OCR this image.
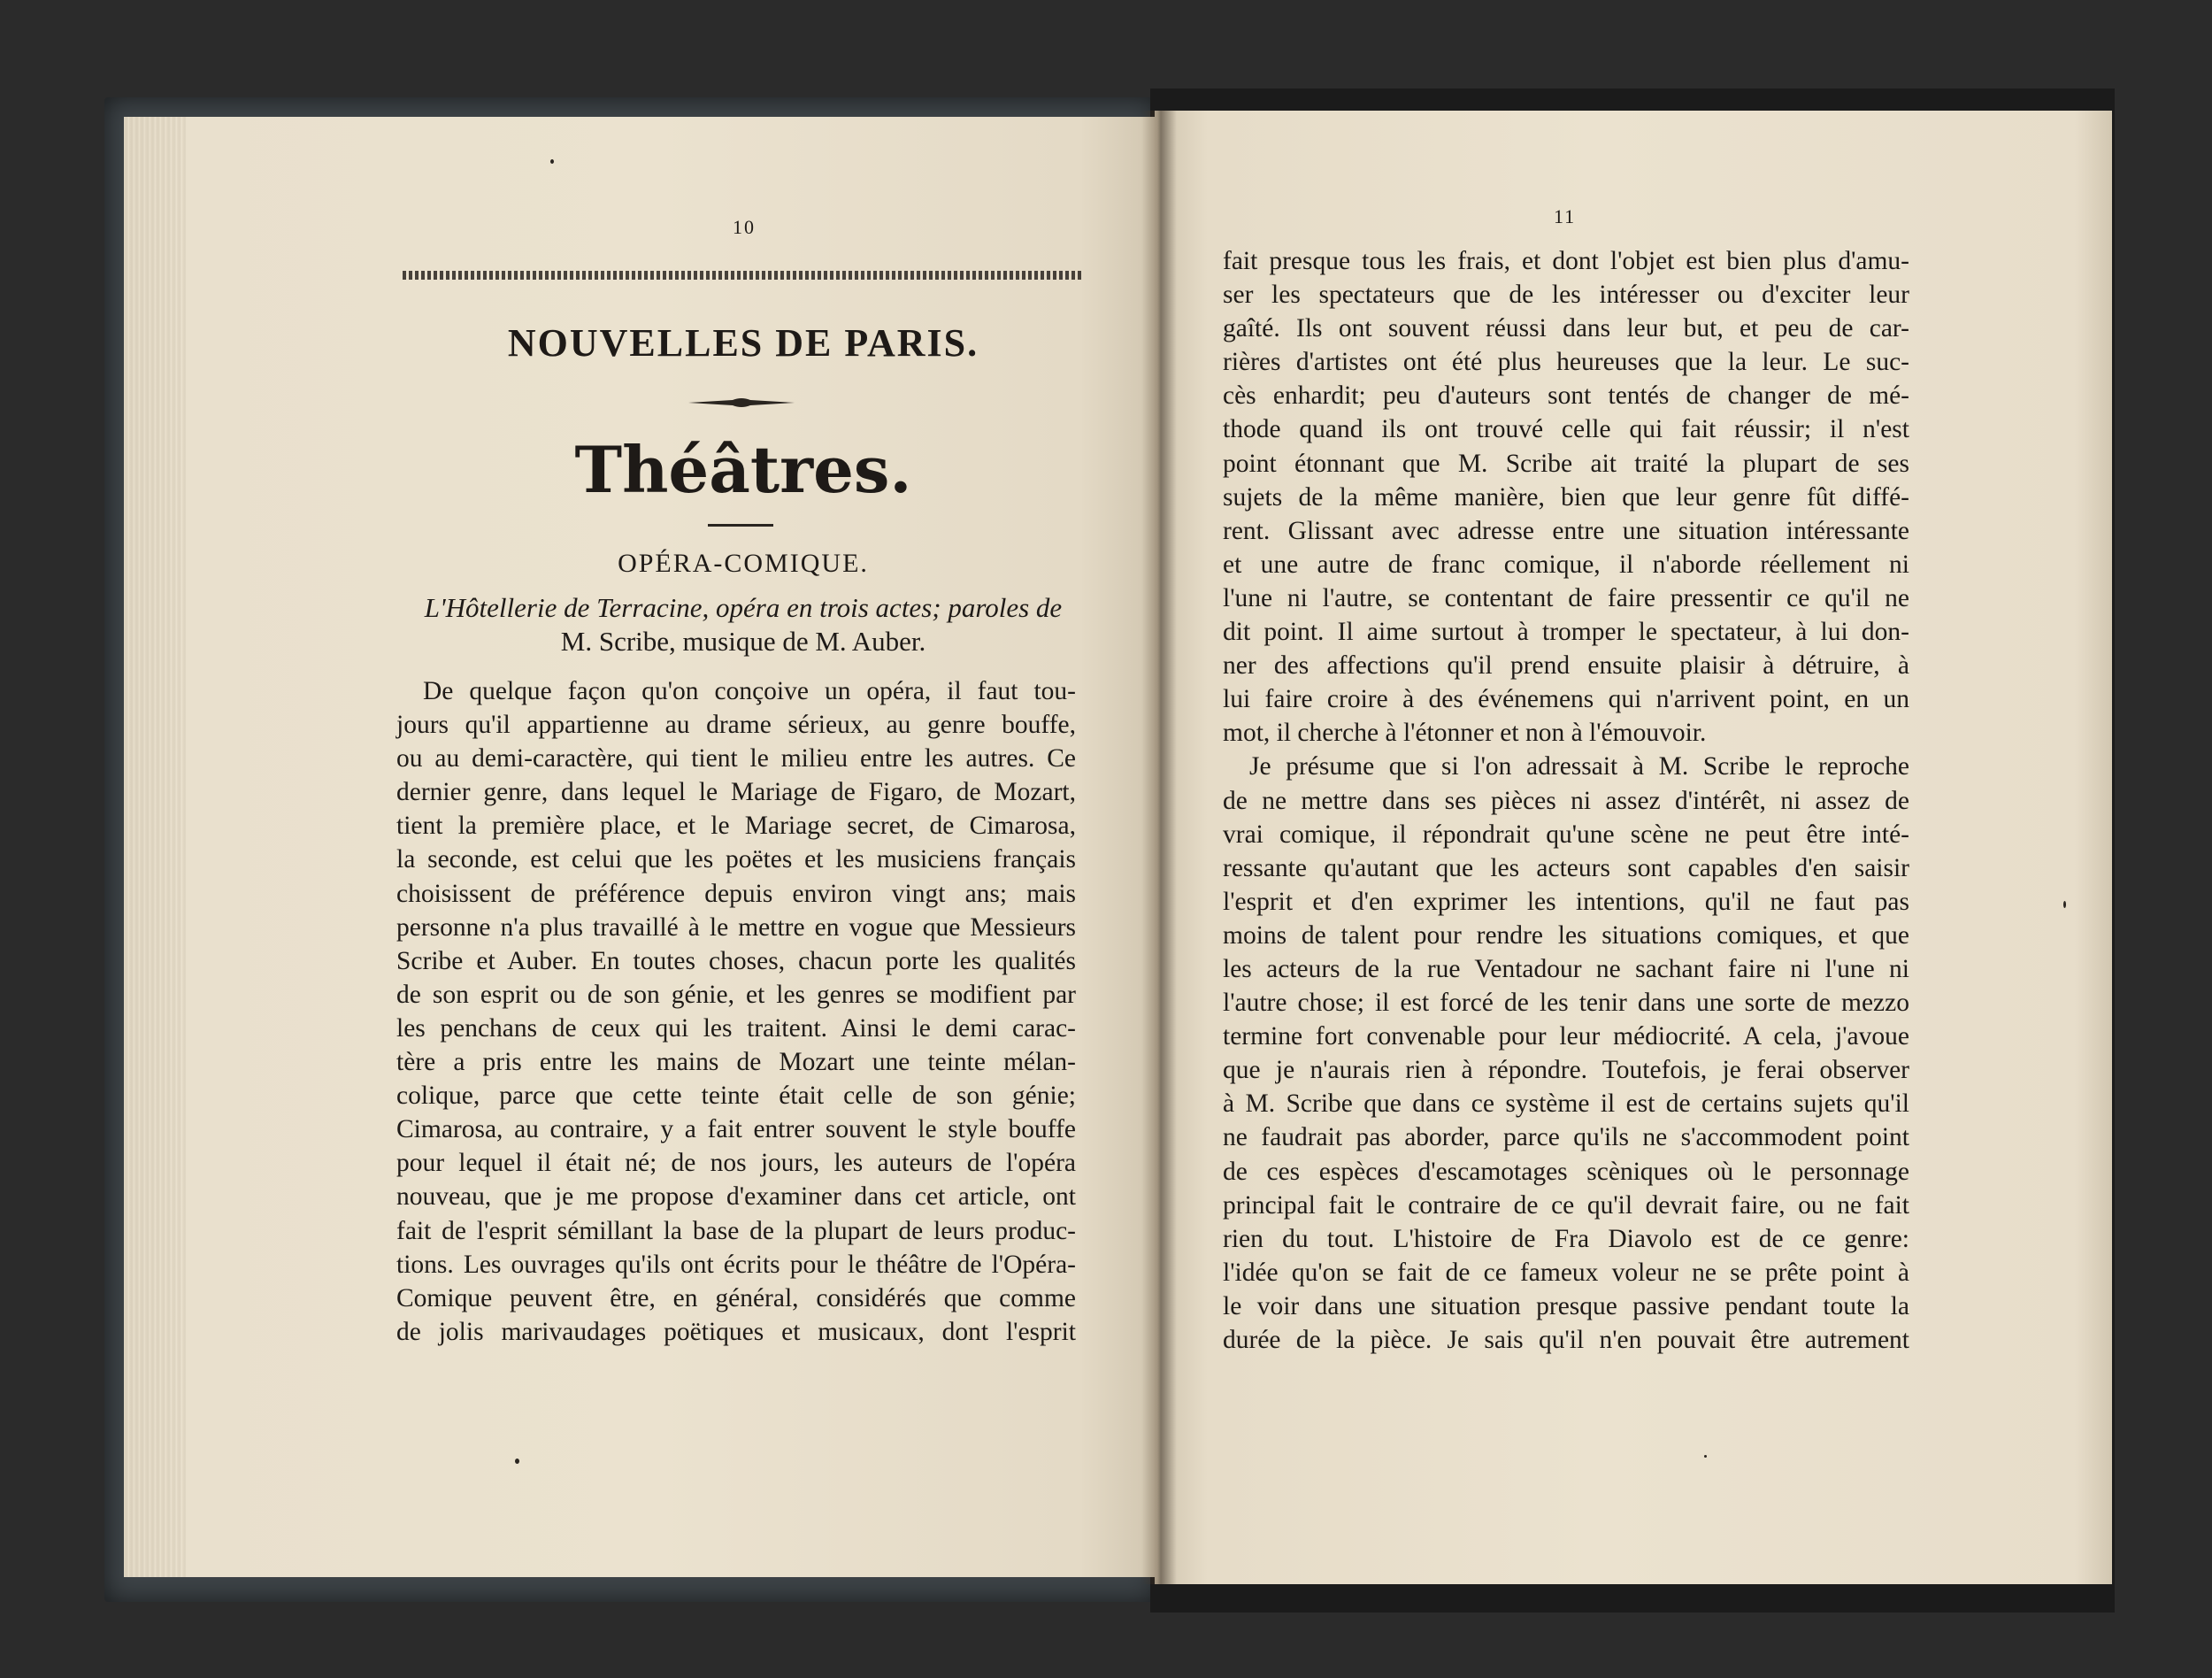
10
NOUVELLES DE PARIS.
Théâtres.
OPÉRA-COMIQUE.
L'Hôtellerie de Terracine, opéra en trois actes; paroles de
M. Scribe, musique de M. Auber.
De quelque façon qu'on conçoive un opéra, il faut tou-
jours qu'il appartienne au drame sérieux, au genre bouffe,
ou au demi-caractère, qui tient le milieu entre les autres. Ce
dernier genre, dans lequel le Mariage de Figaro, de Mozart,
tient la première place, et le Mariage secret, de Cimarosa,
la seconde, est celui que les poëtes et les musiciens français
choisissent de préférence depuis environ vingt ans; mais
personne n'a plus travaillé à le mettre en vogue que Messieurs
Scribe et Auber. En toutes choses, chacun porte les qualités
de son esprit ou de son génie, et les genres se modifient par
les penchans de ceux qui les traitent. Ainsi le demi carac-
tère a pris entre les mains de Mozart une teinte mélan-
colique, parce que cette teinte était celle de son génie;
Cimarosa, au contraire, y a fait entrer souvent le style bouffe
pour lequel il était né; de nos jours, les auteurs de l'opéra
nouveau, que je me propose d'examiner dans cet article, ont
fait de l'esprit sémillant la base de la plupart de leurs produc-
tions. Les ouvrages qu'ils ont écrits pour le théâtre de l'Opéra-
Comique peuvent être, en général, considérés que comme
de jolis marivaudages poëtiques et musicaux, dont l'esprit
11
fait presque tous les frais, et dont l'objet est bien plus d'amu-
ser les spectateurs que de les intéresser ou d'exciter leur
gaîté. Ils ont souvent réussi dans leur but, et peu de car-
rières d'artistes ont été plus heureuses que la leur. Le suc-
cès enhardit; peu d'auteurs sont tentés de changer de mé-
thode quand ils ont trouvé celle qui fait réussir; il n'est
point étonnant que M. Scribe ait traité la plupart de ses
sujets de la même manière, bien que leur genre fût diffé-
rent. Glissant avec adresse entre une situation intéressante
et une autre de franc comique, il n'aborde réellement ni
l'une ni l'autre, se contentant de faire pressentir ce qu'il ne
dit point. Il aime surtout à tromper le spectateur, à lui don-
ner des affections qu'il prend ensuite plaisir à détruire, à
lui faire croire à des événemens qui n'arrivent point, en un
mot, il cherche à l'étonner et non à l'émouvoir.
Je présume que si l'on adressait à M. Scribe le reproche
de ne mettre dans ses pièces ni assez d'intérêt, ni assez de
vrai comique, il répondrait qu'une scène ne peut être inté-
ressante qu'autant que les acteurs sont capables d'en saisir
l'esprit et d'en exprimer les intentions, qu'il ne faut pas
moins de talent pour rendre les situations comiques, et que
les acteurs de la rue Ventadour ne sachant faire ni l'une ni
l'autre chose; il est forcé de les tenir dans une sorte de mezzo
termine fort convenable pour leur médiocrité. A cela, j'avoue
que je n'aurais rien à répondre. Toutefois, je ferai observer
à M. Scribe que dans ce système il est de certains sujets qu'il
ne faudrait pas aborder, parce qu'ils ne s'accommodent point
de ces espèces d'escamotages scèniques où le personnage
principal fait le contraire de ce qu'il devrait faire, ou ne fait
rien du tout. L'histoire de Fra Diavolo est de ce genre:
l'idée qu'on se fait de ce fameux voleur ne se prête point à
le voir dans une situation presque passive pendant toute la
durée de la pièce. Je sais qu'il n'en pouvait être autrement
